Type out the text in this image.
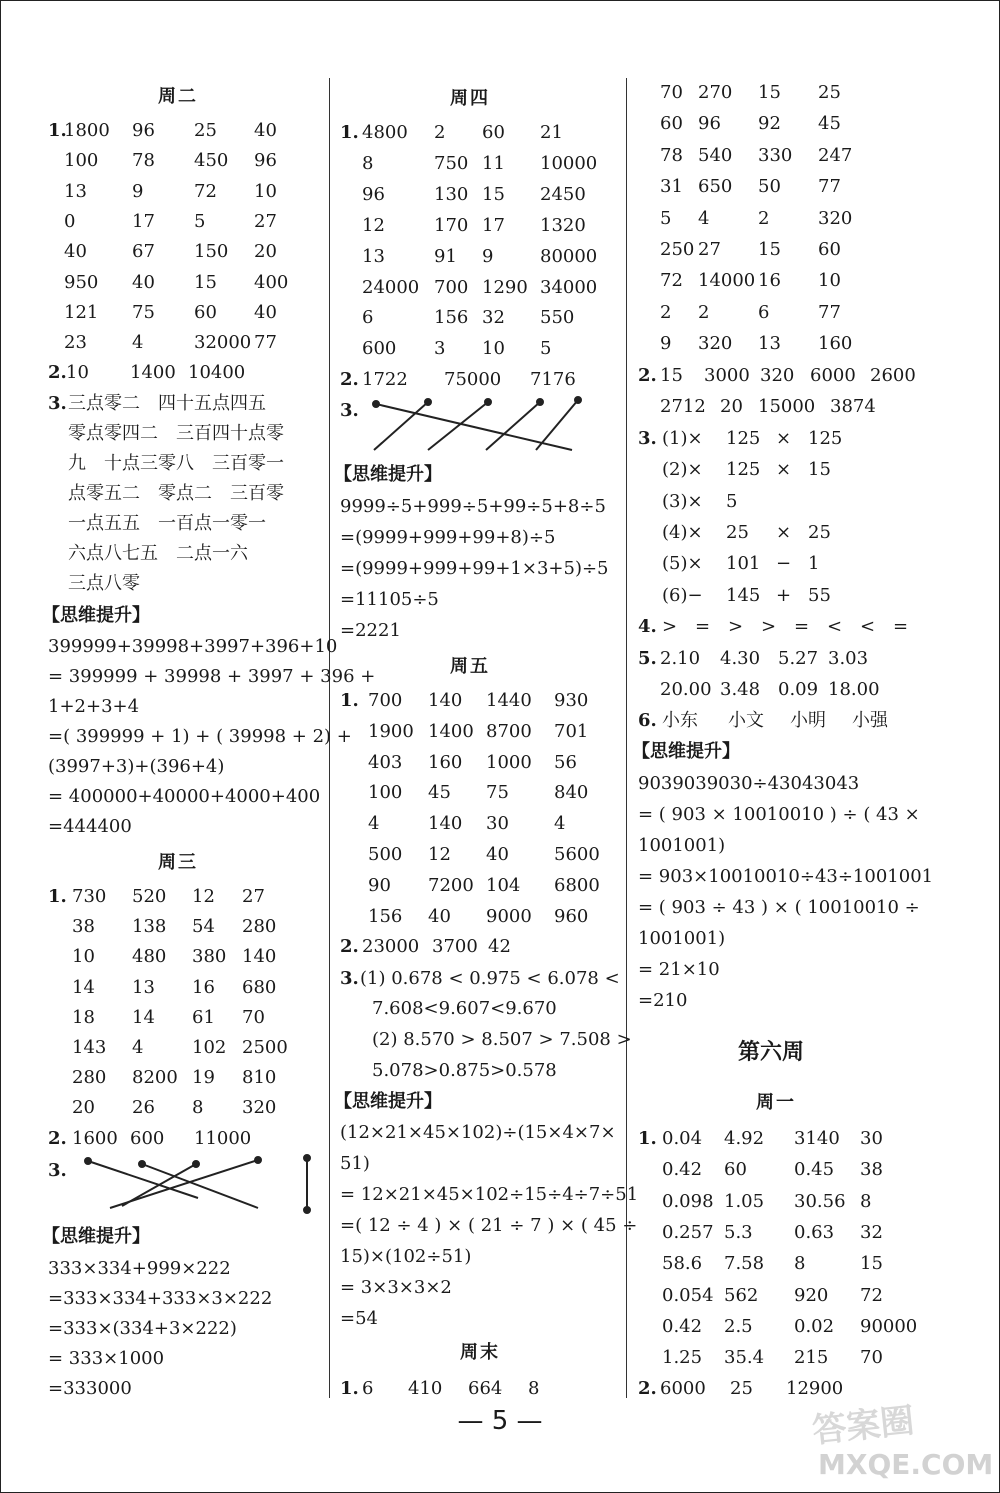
周二
1.
1800 96 25 40
100 78 450 96
13	9	72 10
0	17 5	27
40	67 150 20
950 40 15 400
121 75 60 40
23	4	32000 77
2. 10 1400 10400
3. 三点零二　四十五点四五
零点零四二　三百四十点零
九　十点三零八　三百零一
点零五二　零点二　三百零
一点五五　一百点一零一
六点八七五　二点一六
三点八零
【思维提升】
399999+39998+3997+396+10
= 399999 + 39998 + 3997 + 396 +
1+2+3+4
=( 399999 + 1) + ( 39998 + 2) +
(3997+3)+(396+4)
= 400000+40000+4000+400
=444400
周三
1. 730 520 12 27
38 138 54 280
10 480 380 140
14 13 16 680
18 14 61 70
143 4	102 2500
280 8200 19 810
20 26 8 320
2. 1600 600 11000
3.
【思维提升】
333×334+999×222
=333×334+333×3×222
=333×(334+3×222)
= 333×1000
=333000
周四
1. 4800 2 60 21
8	750 11 10000
96	130 15 2450
12	170 17 1320
13	91 9	80000
24000 700 1290 34000
6	156 32 550
600 3 10 5
2. 1722 75000 7176
3.
【思维提升】
9999÷5+999÷5+99÷5+8÷5
=(9999+999+99+8)÷5
=(9999+999+99+1×3+5)÷5
=11105÷5
=2221
周五
1. 700 140 1440 930
1900 1400 8700 701
403 160 1000 56
100 45 75	840
4	140 30	4
500 12 40	5600
90 7200 104 6800
156 40 9000 960
2. 23000 3700 42
3. (1) 0.678 < 0.975 < 6.078 <
7.608<9.607<9.670
(2) 8.570 > 8.507 > 7.508 >
5.078>0.875>0.578
【思维提升】
(12×21×45×102)÷(15×4×7×
51)
= 12×21×45×102÷15÷4÷7÷51
=( 12 ÷ 4 ) × ( 21 ÷ 7 ) × ( 45 ÷
15)×(102÷51)
= 3×3×3×2
=54
周末
1. 6 410 664 8
70 270 15 25
60 96 92 45
78 540 330 247
31 650 50 77
5 4	2	320
250 27 15 60
72 14000 16 10
2 2	6	77
9 320 13 160
2. 15 3000 320 6000 2600
2712 20 15000 3874
3. (1)× 125 × 125
(2)× 125 × 15
(3)× 5
(4)× 25 × 25
(5)× 101 − 1
(6)− 145 + 55
4. > = > > = < < =
5. 2.10 4.30 5.27 3.03
20.00 3.48 0.09 18.00
6. 小东 小文 小明 小强
【思维提升】
9039039030÷43043043
= ( 903 × 10010010 ) ÷ ( 43 ×
1001001)
= 903×10010010÷43÷1001001
= ( 903 ÷ 43 ) × ( 10010010 ÷
1001001)
= 21×10
=210
第六周
周一
1. 0.04 4.92 3140 30
0.42 60	0.45 38
0.098 1.05 30.56 8
0.257 5.3 0.63 32
58.6 7.58 8	15
0.054 562 920 72
0.42 2.5 0.02 90000
1.25 35.4 215 70
2. 6000 25 12900
— 5 —	答案圈
MXQE.COM
